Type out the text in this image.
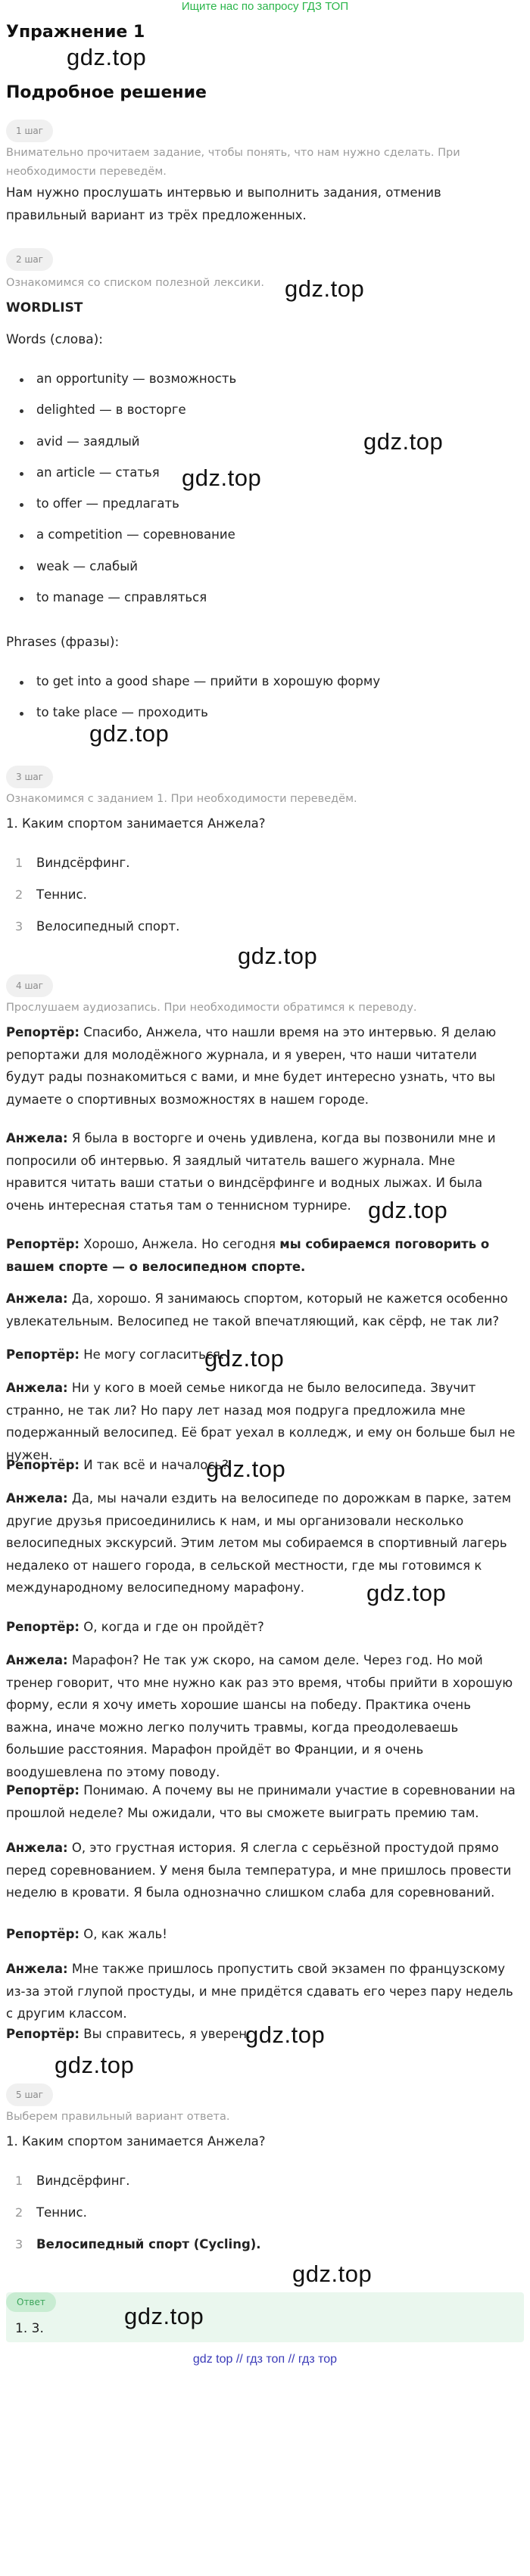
Ищите нас по запросу ГДЗ ТОП
Упражнение 1
gdz.top
Подробное решение
1 шаг
Внимательно прочитаем задание, чтобы понять, что нам нужно сделать. При необходимости переведём.
Нам нужно прослушать интервью и выполнить задания, отменив правильный вариант из трёх предложенных.
2 шаг
gdz.top
Ознакомимся со списком полезной лексики.
WORDLIST
Words (слова):
an opportunity — возможность
delighted — в восторге
gdz.top
avid — заядлый
an article — статья gdz.top
to offer — предлагать
a competition — соревнование
weak — слабый
to manage — справляться
Phrases (фразы):
to get into a good shape — прийти в хорошую форму
to take place — проходить
gdz.top
3 шаг
Ознакомимся с заданием 1. При необходимости переведём.
1. Каким спортом занимается Анжела?
1 Виндсёрфинг.
2 Теннис.
3 Велосипедный спорт.
gdz.top
4 шаг
Прослушаем аудиозапись. При необходимости обратимся к переводу.
Репортёр: Спасибо, Анжела, что нашли время на это интервью. Я делаю репортажи для молодёжного журнала, и я уверен, что наши читатели будут рады познакомиться с вами, и мне будет интересно узнать, что вы думаете о спортивных возможностях в нашем городе.
Анжела: Я была в восторге и очень удивлена, когда вы позвонили мне и попросили об интервью. Я заядлый читатель вашего журнала. Мне нравится читать ваши статьи о виндсёрфинге и водных лыжах. И была очень интересная статья там о теннисном турнире. gdz.top
Репортёр: Хорошо, Анжела. Но сегодня мы собираемся поговорить о вашем спорте — о велосипедном спорте.
Анжела: Да, хорошо. Я занимаюсь спортом, который не кажется особенно увлекательным. Велосипед не такой впечатляющий, как сёрф, не так ли?
gdz.top
Репортёр: Не могу согласиться.
Анжела: Ни у кого в моей семье никогда не было велосипеда. Звучит странно, не так ли? Но пару лет назад моя подруга предложила мне подержанный велосипед. Её брат уехал в колледж, и ему он больше был не нужен.
gdz.top
Репортёр: И так всё и началось?
Анжела: Да, мы начали ездить на велосипеде по дорожкам в парке, затем другие друзья присоединились к нам, и мы организовали несколько велосипедных экскурсий. Этим летом мы собираемся в спортивный лагерь недалеко от нашего города, в сельской местности, где мы готовимся к международному велосипедному марафону.	gdz.top
Репортёр: О, когда и где он пройдёт?
Анжела: Марафон? Не так уж скоро, на самом деле. Через год. Но мой тренер говорит, что мне нужно как раз это время, чтобы прийти в хорошую форму, если я хочу иметь хорошие шансы на победу. Практика очень важна, иначе можно легко получить травмы, когда преодолеваешь большие расстояния. Марафон пройдёт во Франции, и я очень воодушевлена по этому поводу.
Репортёр: Понимаю. А почему вы не принимали участие в соревновании на прошлой неделе? Мы ожидали, что вы сможете выиграть премию там.
Анжела: О, это грустная история. Я слегла с серьёзной простудой прямо перед соревнованием. У меня была температура, и мне пришлось провести неделю в кровати. Я была однозначно слишком слаба для соревнований.
Репортёр: О, как жаль!
Анжела: Мне также пришлось пропустить свой экзамен по французскому из-за этой глупой простуды, и мне придётся сдавать его через пару недель с другим классом.
gdz.top
Репортёр: Вы справитесь, я уверен.
gdz.top
5 шаг
Выберем правильный вариант ответа.
1. Каким спортом занимается Анжела?
1 Виндсёрфинг.
2 Теннис.
3 Велосипедный спорт (Cycling).
gdz.top
Ответ
gdz.top
1. 3.
gdz top // гдз топ // гдз тор
